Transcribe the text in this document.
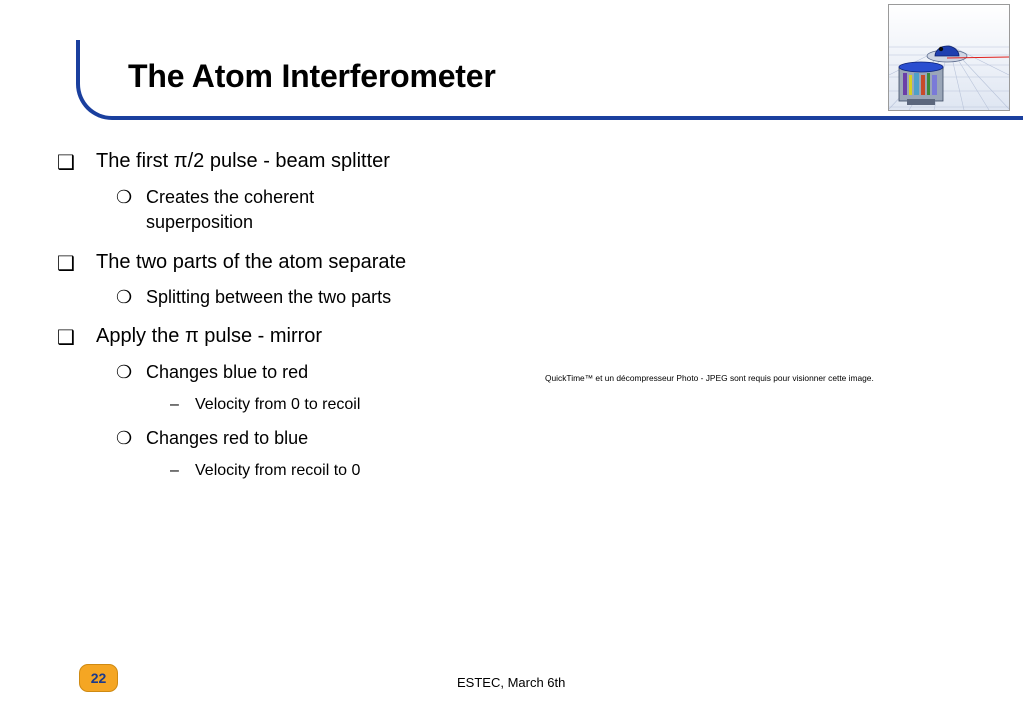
The Atom Interferometer
❑ The first π/2 pulse - beam splitter
❍ Creates the coherent
superposition
❑ The two parts of the atom separate
❍ Splitting between the two parts
❑ Apply the π pulse - mirror
❍ Changes blue to red
– Velocity from 0 to recoil
❍ Changes red to blue
– Velocity from recoil to 0
QuickTime™ et un décompresseur Photo - JPEG sont requis pour visionner cette image.
22	ESTEC, March 6th
